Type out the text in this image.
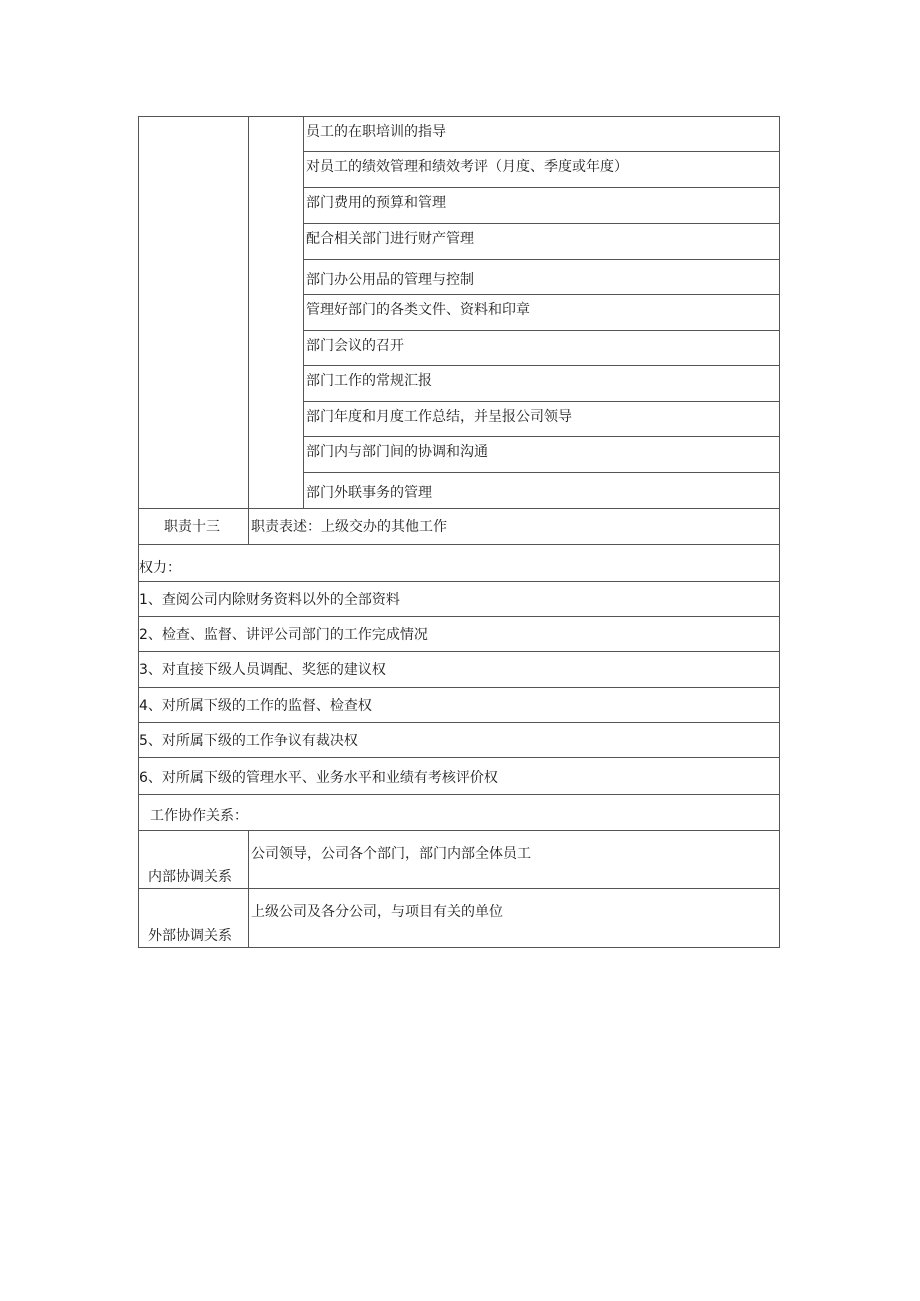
员工的在职培训的指导
对员工的绩效管理和绩效考评（月度、季度或年度）
部门费用的预算和管理
配合相关部门进行财产管理
部门办公用品的管理与控制
管理好部门的各类文件、资料和印章
部门会议的召开
部门工作的常规汇报
部门年度和月度工作总结，并呈报公司领导
部门内与部门间的协调和沟通
部门外联事务的管理
职责十三 职责表述：上级交办的其他工作
权力：
1、查阅公司内除财务资料以外的全部资料
2、检查、监督、讲评公司部门的工作完成情况
3、对直接下级人员调配、奖惩的建议权
4、对所属下级的工作的监督、检查权
5、对所属下级的工作争议有裁决权
6、对所属下级的管理水平、业务水平和业绩有考核评价权
工作协作关系：
内部协调关系
公司领导，公司各个部门，部门内部全体员工
外部协调关系
上级公司及各分公司，与项目有关的单位
